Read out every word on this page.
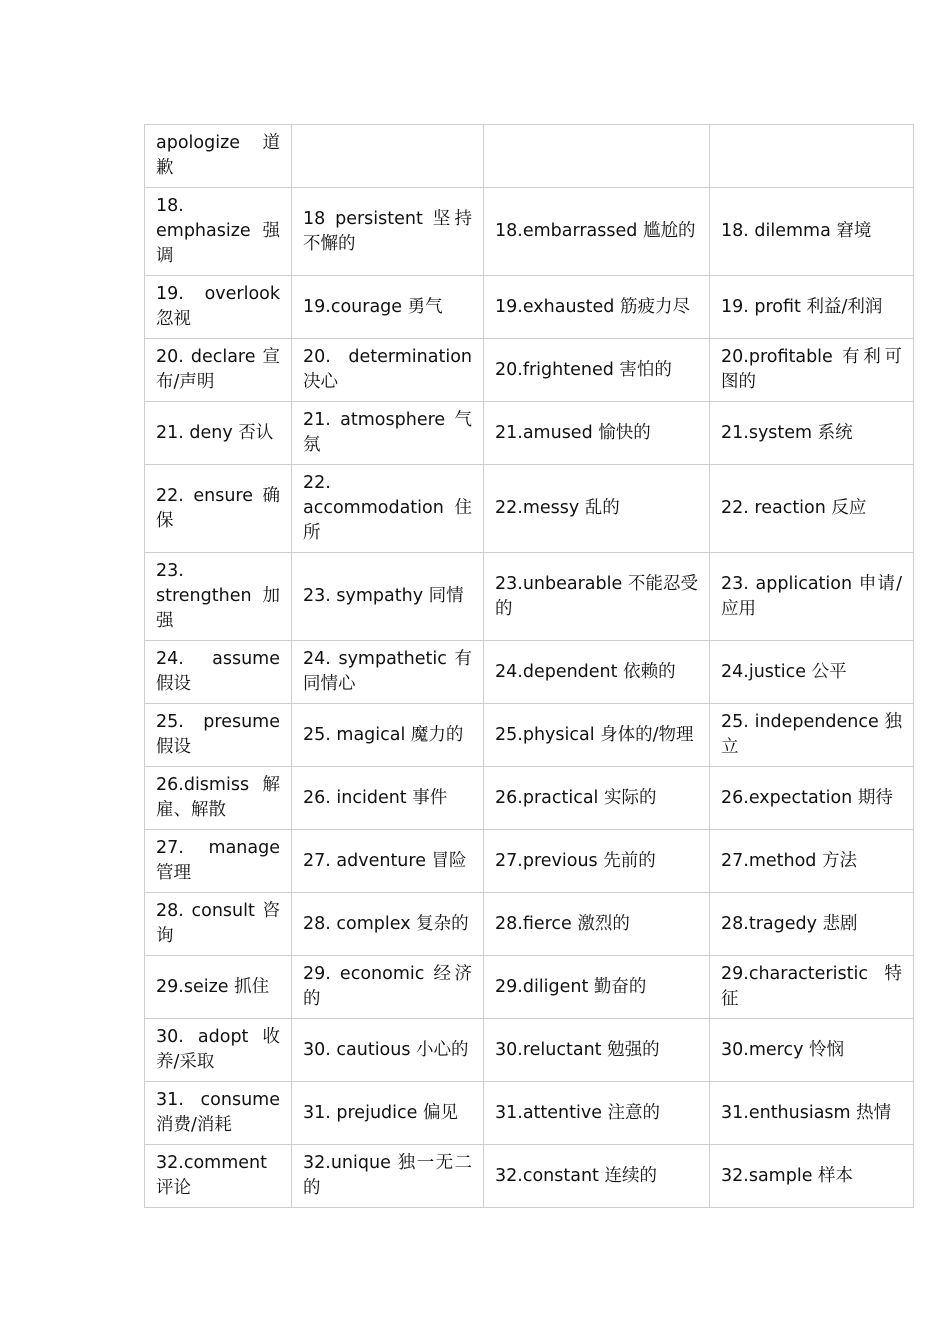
apologize 道歉			
18. emphasize 强调	18 persistent 坚持不懈的	18.embarrassed 尴尬的	18. dilemma 窘境
19. overlook 忽视	19.courage 勇气	19.exhausted 筋疲力尽	19. profit 利益/利润
20. declare 宣布/声明	20. determination 决心	20.frightened 害怕的	20.profitable 有利可图的
21. deny 否认	21. atmosphere 气氛	21.amused 愉快的	21.system 系统
22. ensure 确保	22. accommodation 住所	22.messy 乱的	22. reaction 反应
23. strengthen 加强	23. sympathy 同情	23.unbearable 不能忍受的	23. application 申请/应用
24. assume 假设	24. sympathetic 有同情心	24.dependent 依赖的	24.justice 公平
25. presume 假设	25. magical 魔力的	25.physical 身体的/物理	25. independence 独立
26.dismiss 解雇、解散	26. incident 事件	26.practical 实际的	26.expectation 期待
27. manage 管理	27. adventure 冒险	27.previous 先前的	27.method 方法
28. consult 咨询	28. complex 复杂的	28.fierce 激烈的	28.tragedy 悲剧
29.seize 抓住	29. economic 经济的	29.diligent 勤奋的	29.characteristic 特征
30. adopt 收养/采取	30. cautious 小心的	30.reluctant 勉强的	30.mercy 怜悯
31. consume 消费/消耗	31. prejudice 偏见	31.attentive 注意的	31.enthusiasm 热情
32.comment 评论	32.unique 独一无二的	32.constant 连续的	32.sample 样本
